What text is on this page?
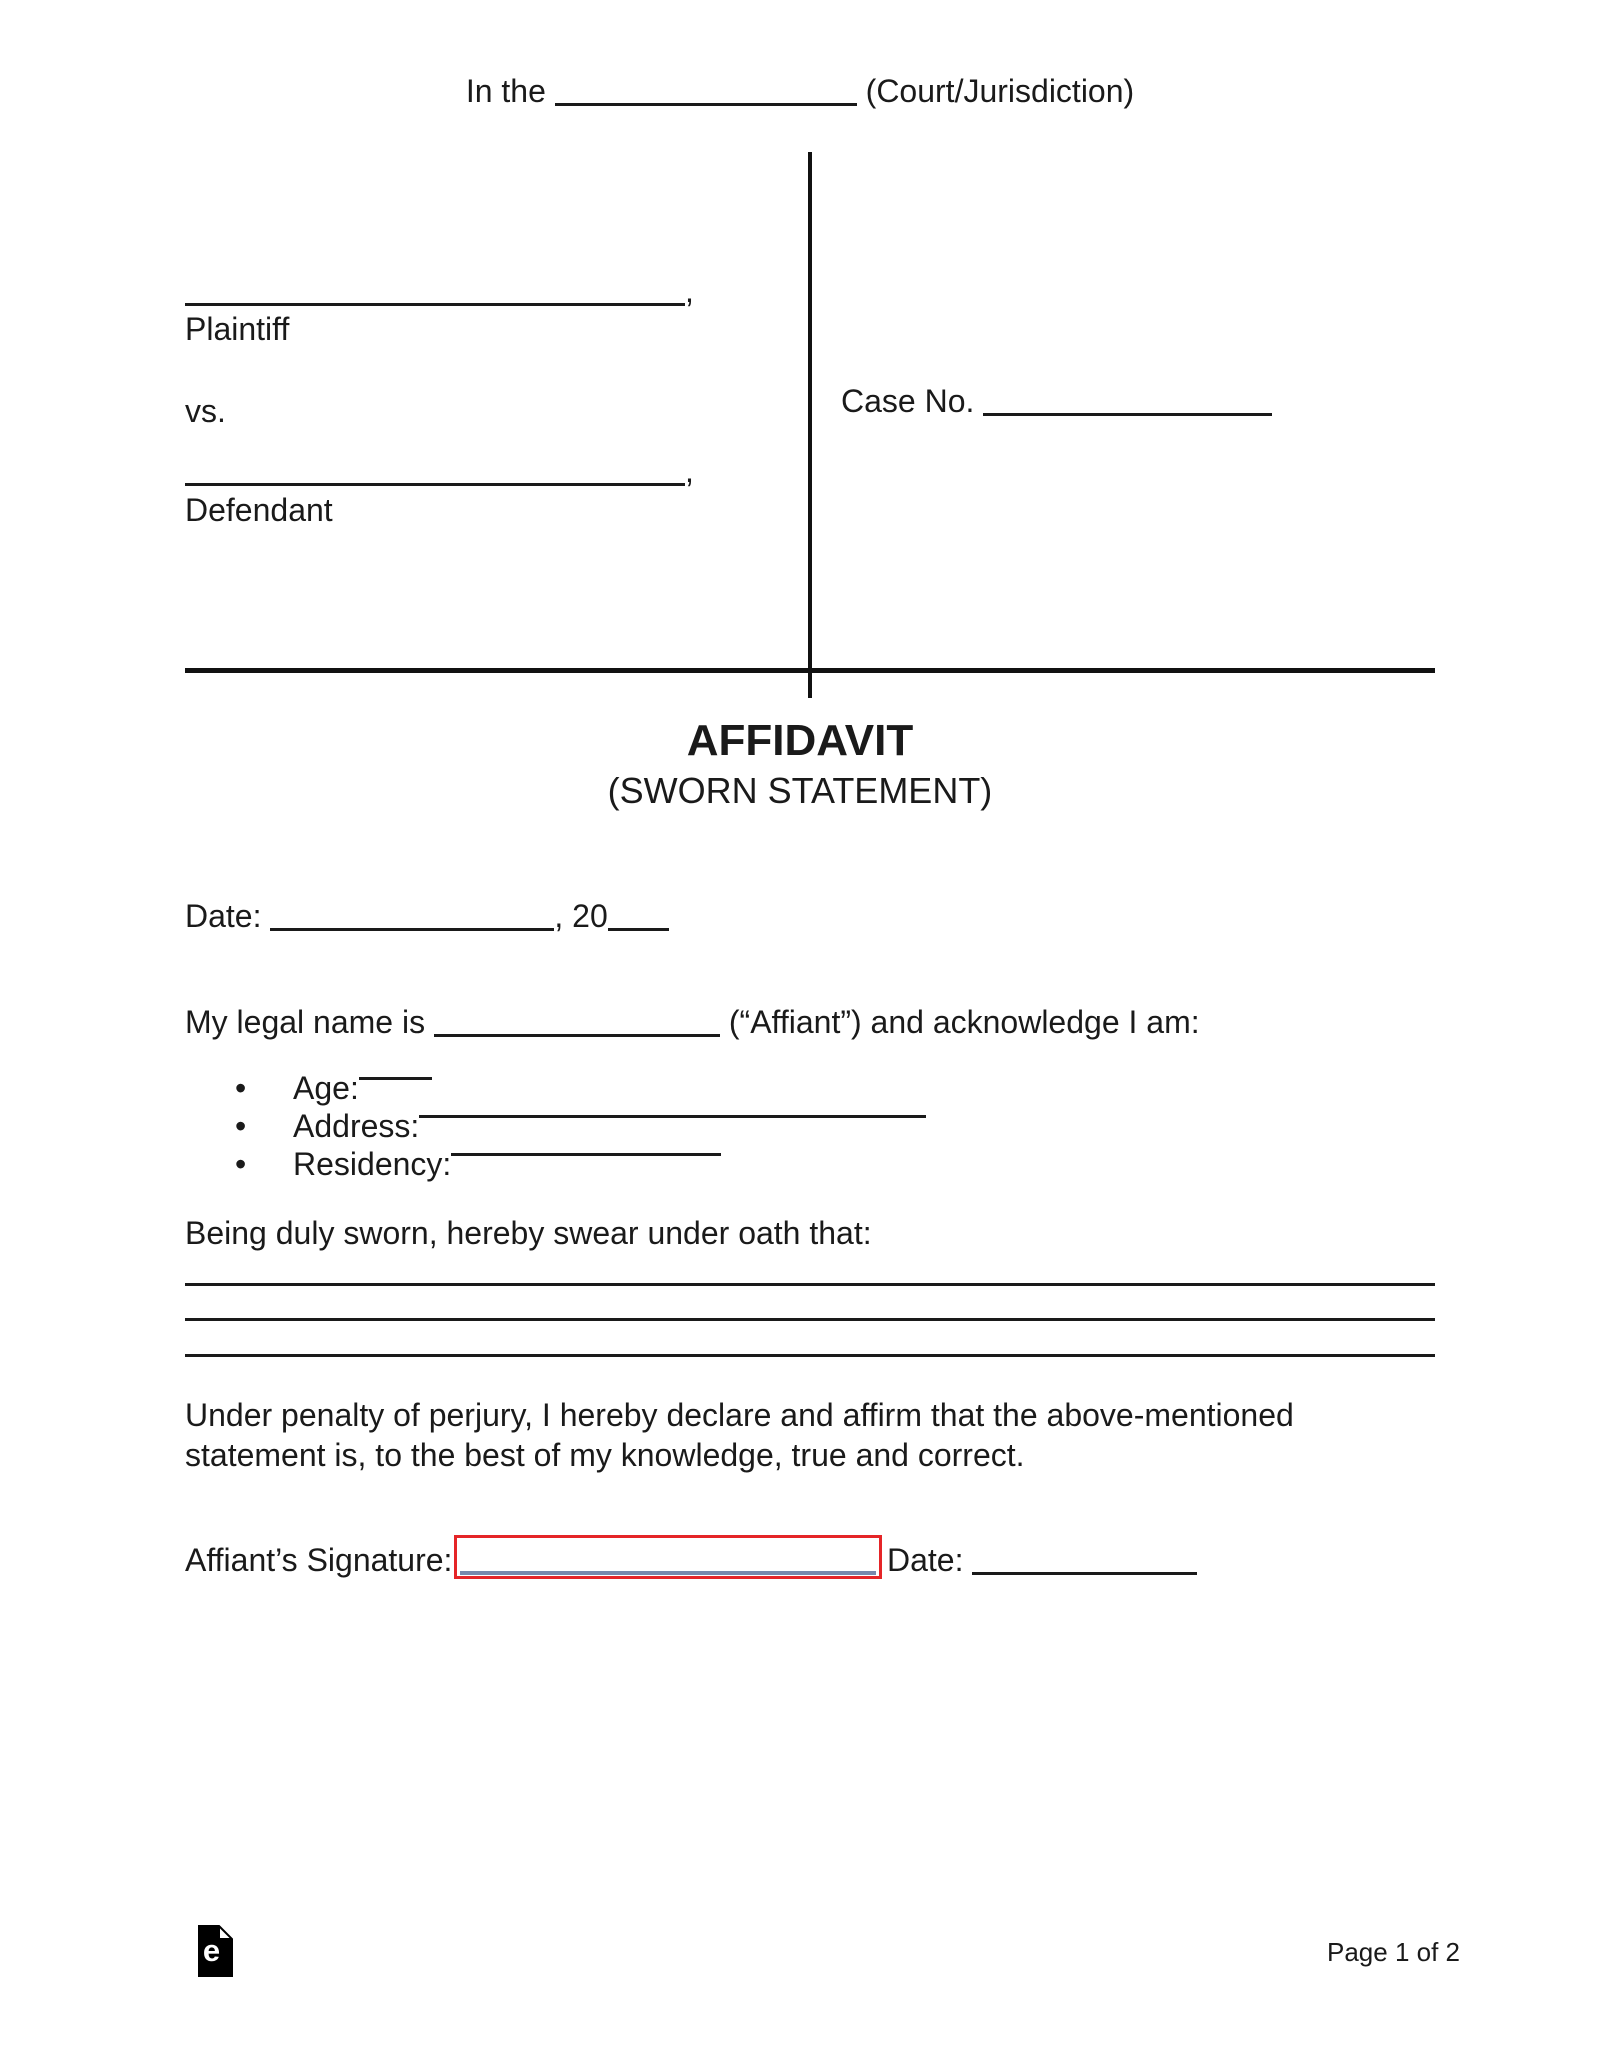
In the	(Court/Jurisdiction)
,
Plaintiff
vs.
,
Defendant
Case No.
AFFIDAVIT
(SWORN STATEMENT)
Date:	, 20
My legal name is	(“Affiant”) and acknowledge I am:
•	Age:
•	Address:
•	Residency:
Being duly sworn, hereby swear under oath that:
Under penalty of perjury, I hereby declare and affirm that the above-mentioned statement is, to the best of my knowledge, true and correct.
Affiant’s Signature:	Date:
e	Page 1 of 2
